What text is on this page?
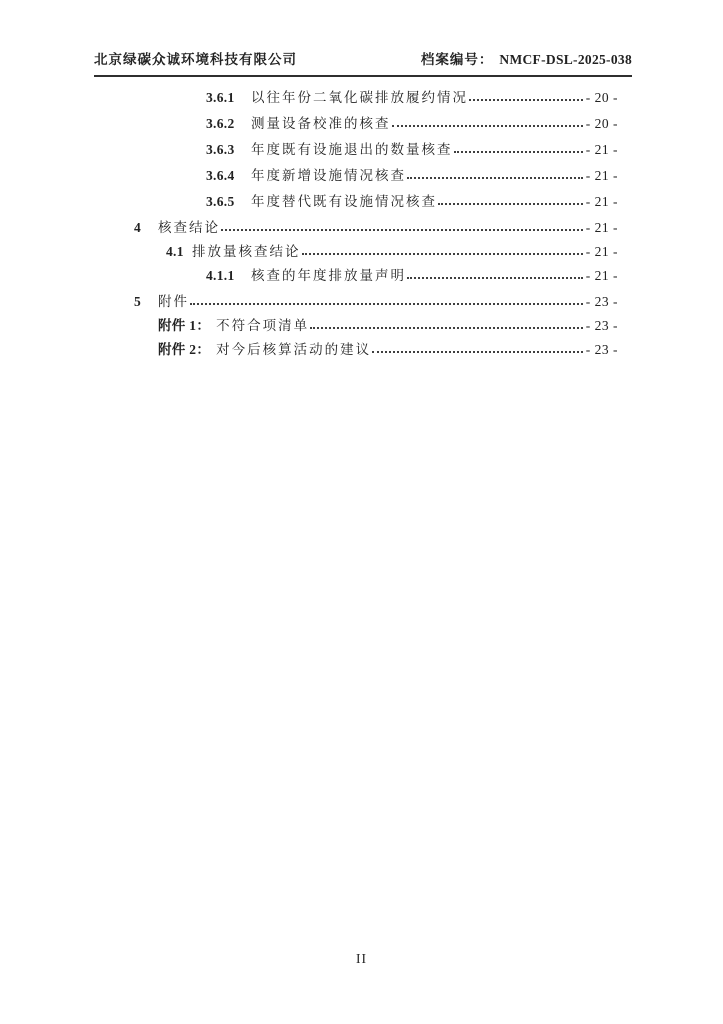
北京绿碳众诚环境科技有限公司	档案编号： NMCF-DSL-2025-038
3.6.1	以往年份二氧化碳排放履约情况	- 20 -
3.6.2	测量设备校准的核查	- 20 -
3.6.3	年度既有设施退出的数量核查	- 21 -
3.6.4	年度新增设施情况核查	- 21 -
3.6.5	年度替代既有设施情况核查	- 21 -
4	核查结论	- 21 -
4.1 排放量核查结论	- 21 -
4.1.1	核查的年度排放量声明	- 21 -
5	附件	- 23 -
附件 1： 不符合项清单	- 23 -
附件 2： 对今后核算活动的建议	- 23 -
II
